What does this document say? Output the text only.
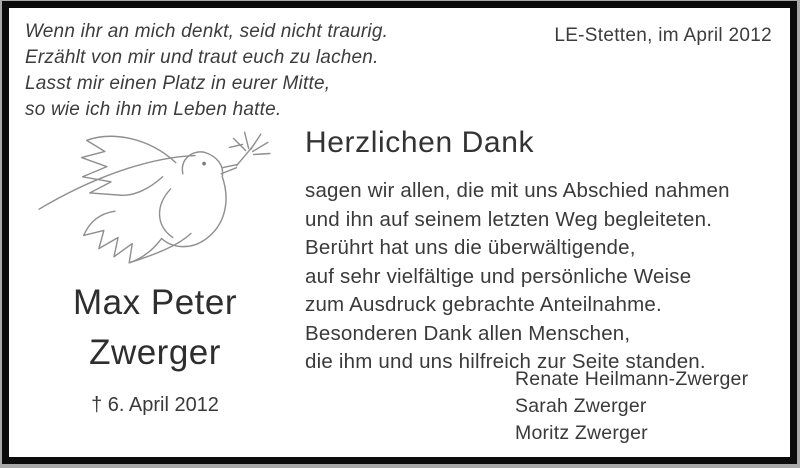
Wenn ihr an mich denkt, seid nicht traurig.
Erzählt von mir und traut euch zu lachen.
Lasst mir einen Platz in eurer Mitte,
so wie ich ihn im Leben hatte.
LE-Stetten, im April 2012
Herzlichen Dank
sagen wir allen, die mit uns Abschied nahmen
und ihn auf seinem letzten Weg begleiteten.
Berührt hat uns die überwältigende,
auf sehr vielfältige und persönliche Weise
zum Ausdruck gebrachte Anteilnahme.
Besonderen Dank allen Menschen,
die ihm und uns hilfreich zur Seite standen.
Max Peter
Zwerger
† 6. April 2012
Renate Heilmann-Zwerger
Sarah Zwerger
Moritz Zwerger
